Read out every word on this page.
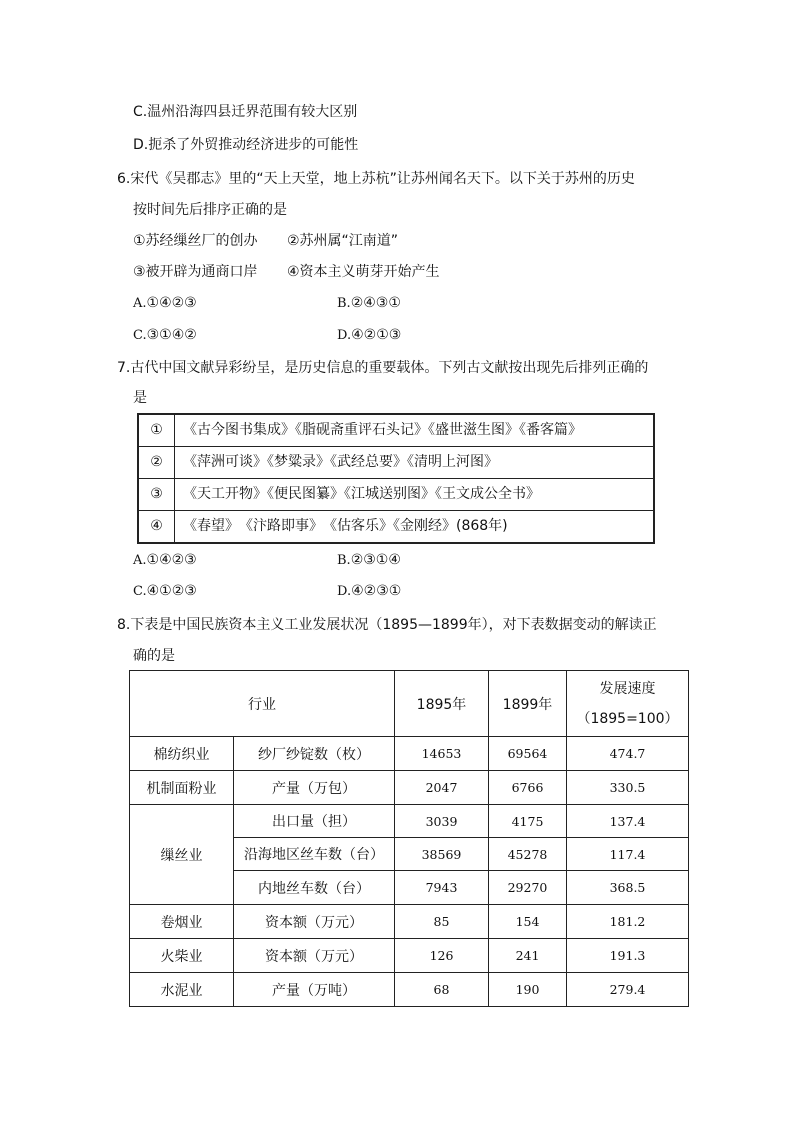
C.温州沿海四县迁界范围有较大区别
D.扼杀了外贸推动经济进步的可能性
6.宋代《吴郡志》里的“天上天堂，地上苏杭”让苏州闻名天下。以下关于苏州的历史
按时间先后排序正确的是
①苏经缫丝厂的创办 ②苏州属“江南道”
③被开辟为通商口岸 ④资本主义萌芽开始产生
A.①④②③	B.②④③①
C.③①④②	D.④②①③
7.古代中国文献异彩纷呈，是历史信息的重要载体。下列古文献按出现先后排列正确的
是
①	《古今图书集成》《脂砚斋重评石头记》《盛世滋生图》《番客篇》
②	《萍洲可谈》《梦粱录》《武经总要》《清明上河图》
③	《天工开物》《便民图纂》《江城送别图》《王文成公全书》
④	《春望》　《汴路即事》　《估客乐》《金刚经》(868年)
A.①④②③	B.②③①④
C.④①②③	D.④②③①
8.下表是中国民族资本主义工业发展状况（1895—1899年），对下表数据变动的解读正
确的是
行业		1895年	1899年	发展速度
（1895=100）

棉纺织业	纱厂纱锭数（枚）	14653	69564	474.7
机制面粉业	产量（万包）	2047	6766	330.5
缫丝业	出口量（担）	3039	4175	137.4
	沿海地区丝车数（台）	38569	45278	117.4
	内地丝车数（台）	7943	29270	368.5
卷烟业	资本额（万元）	85	154	181.2
火柴业	资本额（万元）	126	241	191.3
水泥业	产量（万吨）	68	190	279.4
